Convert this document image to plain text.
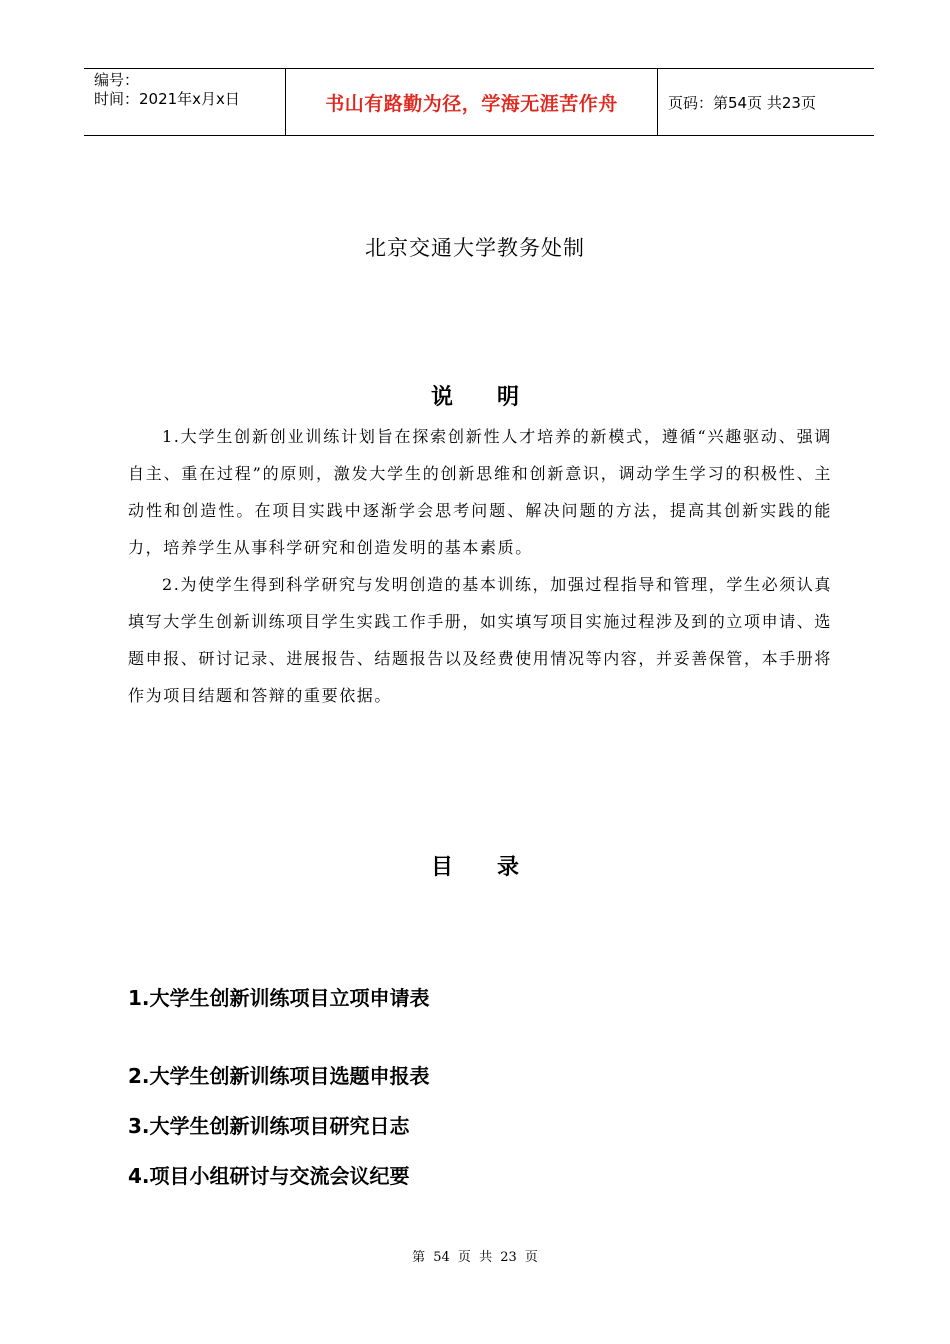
编号：
时间：2021年x月x日	书山有路勤为径，学海无涯苦作舟	页码：第54页 共23页
北京交通大学教务处制
说　　明

1.大学生创新创业训练计划旨在探索创新性人才培养的新模式，遵循“兴趣驱动、强调自主、重在过程”的原则，激发大学生的创新思维和创新意识，调动学生学习的积极性、主动性和创造性。在项目实践中逐渐学会思考问题、解决问题的方法，提高其创新实践的能力，培养学生从事科学研究和创造发明的基本素质。

2.为使学生得到科学研究与发明创造的基本训练，加强过程指导和管理，学生必须认真填写大学生创新训练项目学生实践工作手册，如实填写项目实施过程涉及到的立项申请、选题申报、研讨记录、进展报告、结题报告以及经费使用情况等内容，并妥善保管，本手册将作为项目结题和答辩的重要依据。

目　　录
1.大学生创新训练项目立项申请表
2.大学生创新训练项目选题申报表
3.大学生创新训练项目研究日志
4.项目小组研讨与交流会议纪要
第 54 页 共 23 页
